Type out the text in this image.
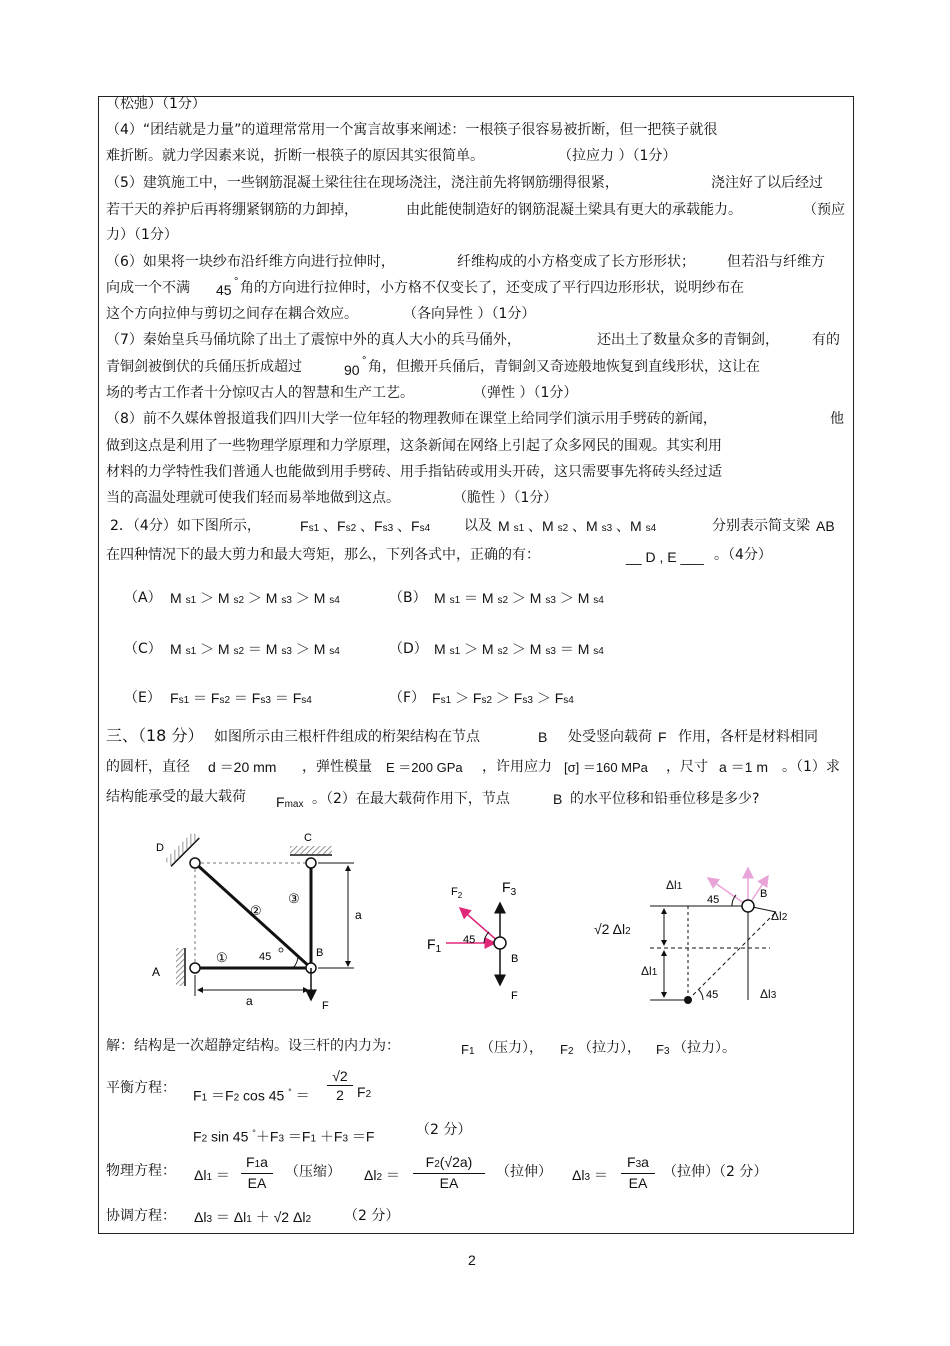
（松弛）（1分）
（4）“团结就是力量”的道理常常用一个寓言故事来阐述：一根筷子很容易被折断，但一把筷子就很
难折断。就力学因素来说，折断一根筷子的原因其实很简单。	（拉应力 ）（1分）
（5）建筑施工中，一些钢筋混凝土梁往往在现场浇注，浇注前先将钢筋绷得很紧，	浇注好了以后经过
若干天的养护后再将绷紧钢筋的力卸掉，	由此能使制造好的钢筋混凝土梁具有更大的承载能力。	（预应
力）（1分）
（6）如果将一块纱布沿纤维方向进行拉伸时，	纤维构成的小方格变成了长方形形状； 但若沿与纤维方
向成一个不满 45 ° 角的方向进行拉伸时，小方格不仅变长了，还变成了平行四边形形状，说明纱布在
这个方向拉伸与剪切之间存在耦合效应。	（各向异性 ）（1分）
（7）秦始皇兵马俑坑除了出土了震惊中外的真人大小的兵马俑外，	还出土了数量众多的青铜剑， 有的
青铜剑被倒伏的兵俑压折成超过	90
° 角，但搬开兵俑后，青铜剑又奇迹般地恢复到直线形状，这让在
场的考古工作者十分惊叹古人的智慧和生产工艺。	（弹性 ）（1分）
（8）前不久媒体曾报道我们四川大学一位年轻的物理教师在课堂上给同学们演示用手劈砖的新闻，	他
做到这点是利用了一些物理学原理和力学原理，这条新闻在网络上引起了众多网民的围观。其实利用
材料的力学特性我们普通人也能做到用手劈砖、用手指钻砖或用头开砖，这只需要事先将砖头经过适
当的高温处理就可使我们轻而易举地做到这点。	（脆性 ）（1分）
2．（4分）如下图所示，	Fs1 、Fs2 、Fs3 、Fs4 以及 M s1 、M s2 、M s3 、M s4	分别表示简支梁 AB
在四种情况下的最大剪力和最大弯矩，那么，下列各式中，正确的有：	__ D , E ___ 。（4分）
（A） M s1 ＞ M s2 ＞ M s3 ＞ M s4	（B） M s1 ＝ M s2 ＞ M s3 ＞ M s4
（C） M s1 ＞ M s2 ＝ M s3 ＞ M s4	（D） M s1 ＞ M s2 ＞ M s3 ＝ M s4
（E） Fs1 ＝ Fs2 ＝ Fs3 ＝ Fs4	（F） Fs1 ＞ Fs2 ＞ Fs3 ＞ Fs4
三、（18 分） 如图所示由三根杆件组成的桁架结构在节点	B 处受竖向载荷 F 作用，各杆是材料相同
的圆杆，直径 d ＝20 mm ，弹性模量 E ＝200 GPa ，许用应力 [σ] ＝160 MPa ，尺寸 a ＝1 m 。（1）求
结构能承受的最大载荷 Fmax 。（2）在最大载荷作用下，节点	B 的水平位移和铅垂位移是多少?
D
C
A
B
F
a
a
①
②
③
45
$F_2$
$F_3$
$F_1$
45
B
F
B
45
45
Δl1
Δl2
√2 Δl2
Δl1
Δl3
解：结构是一次超静定结构。设三杆的内力为：	F1 （压力）， F2 （拉力）， F3 （拉力）。
平衡方程： F1 ＝F2 cos 45 $^\circ = \frac{√2}{2} F2$
F2 sin 45 °＋F3 ＝F1 ＋F3 ＝F	（2 分）
物理方程： $\Delta l1 = \frac{F1a}{EA}$ （压缩） $\Delta l2 = \frac{F2(√2a)}{EA}$ （拉伸） $\Delta l3 = \frac{F3a}{EA}$ （拉伸）（2 分）
协调方程： Δl3 ＝ Δl1 ＋ √2 Δl2 （2 分）
2
